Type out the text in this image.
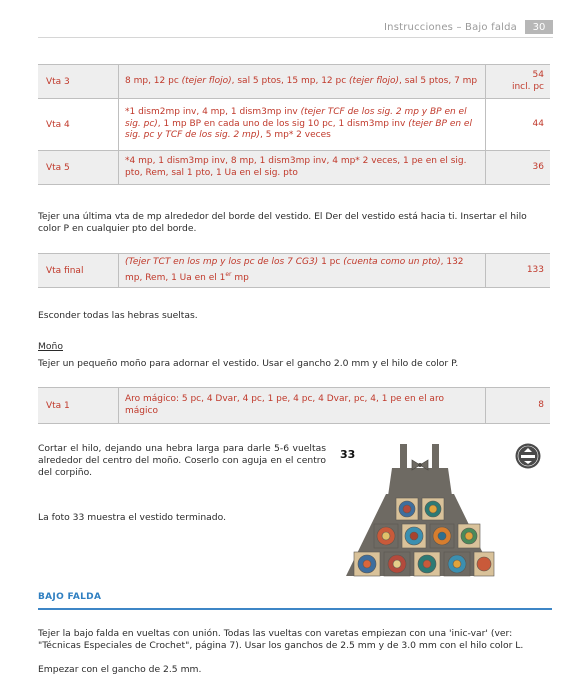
Instrucciones – Bajo falda	30
Vta 3	8 mp, 12 pc (tejer flojo), sal 5 ptos, 15 mp, 12 pc (tejer flojo), sal 5 ptos, 7 mp	54
incl. pc
Vta 4	*1 dism2mp inv, 4 mp, 1 dism3mp inv (tejer TCF de los sig. 2 mp y BP en el sig. pc), 1 mp BP en cada uno de los sig 10 pc, 1 dism3mp inv (tejer BP en el sig. pc y TCF de los sig. 2 mp), 5 mp* 2 veces	44
Vta 5	*4 mp, 1 dism3mp inv, 8 mp, 1 dism3mp inv, 4 mp* 2 veces, 1 pe en el sig. pto, Rem, sal 1 pto, 1 Ua en el sig. pto	36
Tejer una última vta de mp alrededor del borde del vestido. El Der del vestido está hacia ti. Insertar el hilo color P en cualquier pto del borde.
Vta final	(Tejer TCT en los mp y los pc de los 7 CG3) 1 pc (cuenta como un pto), 132 mp, Rem, 1 Ua en el 1er mp	133
Esconder todas las hebras sueltas.
Moño
Tejer un pequeño moño para adornar el vestido. Usar el gancho 2.0 mm y el hilo de color P.
Vta 1	Aro mágico: 5 pc, 4 Dvar, 4 pc, 1 pe, 4 pc, 4 Dvar, pc, 4, 1 pe en el aro mágico	8
Cortar el hilo, dejando una hebra larga para darle 5-6 vueltas alrededor del centro del moño. Coserlo con aguja en el centro del corpiño.
La foto 33 muestra el vestido terminado.
33
BAJO FALDA
Tejer la bajo falda en vueltas con unión. Todas las vueltas con varetas empiezan con una 'inic-var' (ver: "Técnicas Especiales de Crochet", página 7). Usar los ganchos de 2.5 mm y de 3.0 mm con el hilo color L.
Empezar con el gancho de 2.5 mm.
